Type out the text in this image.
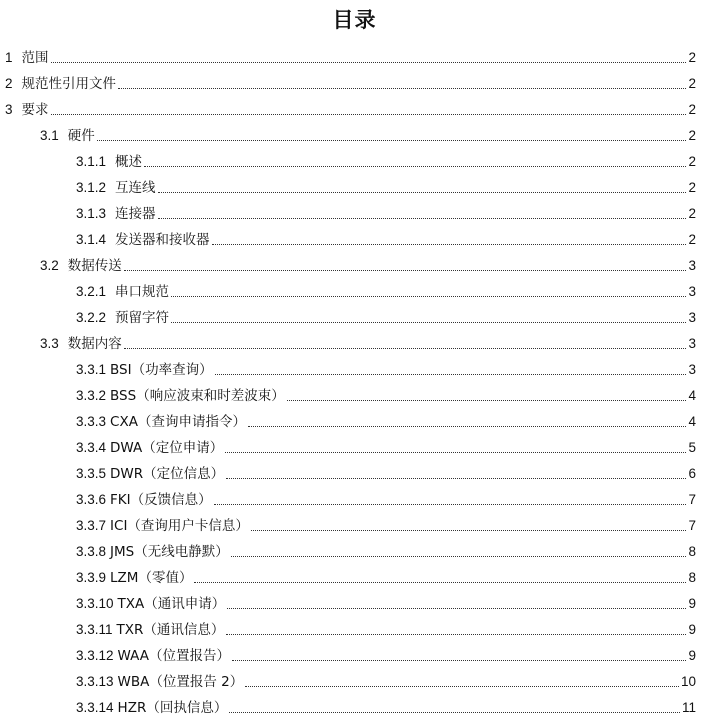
目录
1 范围	2
2 规范性引用文件	2
3 要求	2
3.1 硬件	2
3.1.1 概述	2
3.1.2 互连线	2
3.1.3 连接器	2
3.1.4 发送器和接收器	2
3.2 数据传送	3
3.2.1 串口规范	3
3.2.2 预留字符	3
3.3 数据内容	3
3.3.1 BSI（功率查询）	3
3.3.2 BSS（响应波束和时差波束）	4
3.3.3 CXA（查询申请指令）	4
3.3.4 DWA（定位申请）	5
3.3.5 DWR（定位信息）	6
3.3.6 FKI（反馈信息）	7
3.3.7 ICI（查询用户卡信息）	7
3.3.8 JMS（无线电静默）	8
3.3.9 LZM（零值）	8
3.3.10 TXA（通讯申请）	9
3.3.11 TXR（通讯信息）	9
3.3.12 WAA（位置报告）	9
3.3.13 WBA（位置报告 2）	10
3.3.14 HZR（回执信息）	11
